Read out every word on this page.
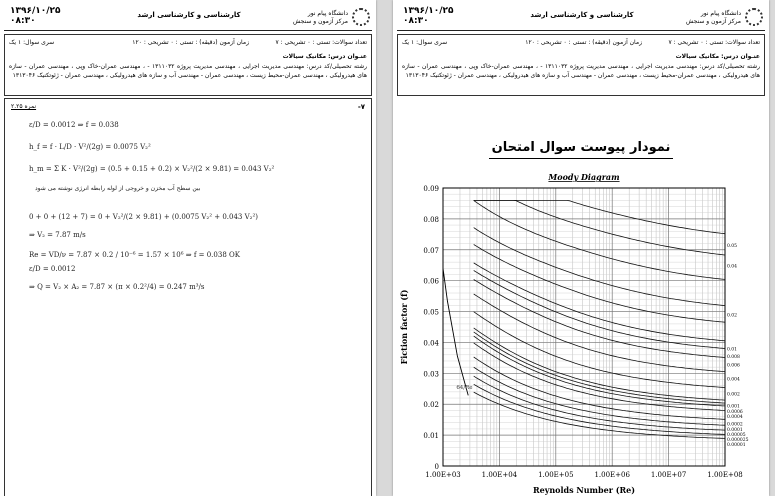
۱۳۹۶/۱۰/۲۵
۰۸:۳۰
کارشناسی و کارشناسی ارشد	دانشگاه پیام نور
مرکز آزمون و سنجش
تعداد سوالات: تستی : ۰ تشریحی : ۷
زمان آزمون (دقیقه) : تستی : ۰ تشریحی : ۱۲۰
سری سوال: ۱ یک
عنـوان درس: مکانیک سیالات
رشته تحصیلی/کد درس: مهندسی مدیریت اجرایی ، مهندسی مدیریت پروژه ۱۳۱۱۰۳۲ - ، مهندسی عمران-خاک وپی ، مهندسی عمران - سازه های هیدرولیکی ، مهندسی عمران-محیط زیست ، مهندسی عمران - مهندسی آب و سازه های هیدرولیکی ، مهندسی عمران - ژئوتکنیک ۱۳۱۳۰۴۶
-۷
۲.۲۵ نمره
ε/D = 0.0012 ⇒ f = 0.038
h_f = f · L/D · V²/(2g) = 0.0075 V₂²
h_m = Σ K · V²/(2g) = (0.5 + 0.15 + 0.2) × V₂²/(2 × 9.81) = 0.043 V₂²
بین سطح آب مخزن و خروجی از لوله رابطه انرژی نوشته می شود
0 + 0 + (12 + 7) = 0 + V₂²/(2 × 9.81) + (0.0075 V₂² + 0.043 V₂²)
⇒ V₂ = 7.87 m/s
Re = VD/ν = 7.87 × 0.2 / 10⁻⁶ = 1.57 × 10⁶ ⇒ f = 0.038 OK
ε/D = 0.0012
⇒ Q = V₂ × A₂ = 7.87 × (π × 0.2²/4) = 0.247 m³/s
۱۳۹۶/۱۰/۲۵
۰۸:۳۰
کارشناسی و کارشناسی ارشد	دانشگاه پیام نور
مرکز آزمون و سنجش
تعداد سوالات: تستی : ۰ تشریحی : ۷
زمان آزمون (دقیقه) : تستی : ۰ تشریحی : ۱۲۰
سری سوال: ۱ یک
عنـوان درس: مکانیک سیالات
رشته تحصیلی/کد درس: مهندسی مدیریت اجرایی ، مهندسی مدیریت پروژه ۱۳۱۱۰۳۲ - ، مهندسی عمران-خاک وپی ، مهندسی عمران - سازه های هیدرولیکی ، مهندسی عمران-محیط زیست ، مهندسی عمران - مهندسی آب و سازه های هیدرولیکی ، مهندسی عمران - ژئوتکنیک ۱۳۱۳۰۴۶
نمودار پیوست سوال امتحان
0
0.01
0.02
0.03
0.04
0.05
0.06
0.07
0.08
0.09
1.00E+03	1.00E+04	1.00E+05	1.00E+06	1.00E+07	1.00E+08
Moody Diagram
Fiction factor (f)
Reynolds Number (Re)
64/Re
0.05
0.04
0.02
0.01
0.008
0.006
0.004
0.002
0.001
0.0006
0.0004
0.0002
0.0001
0.00005
0.000025
0.00001
